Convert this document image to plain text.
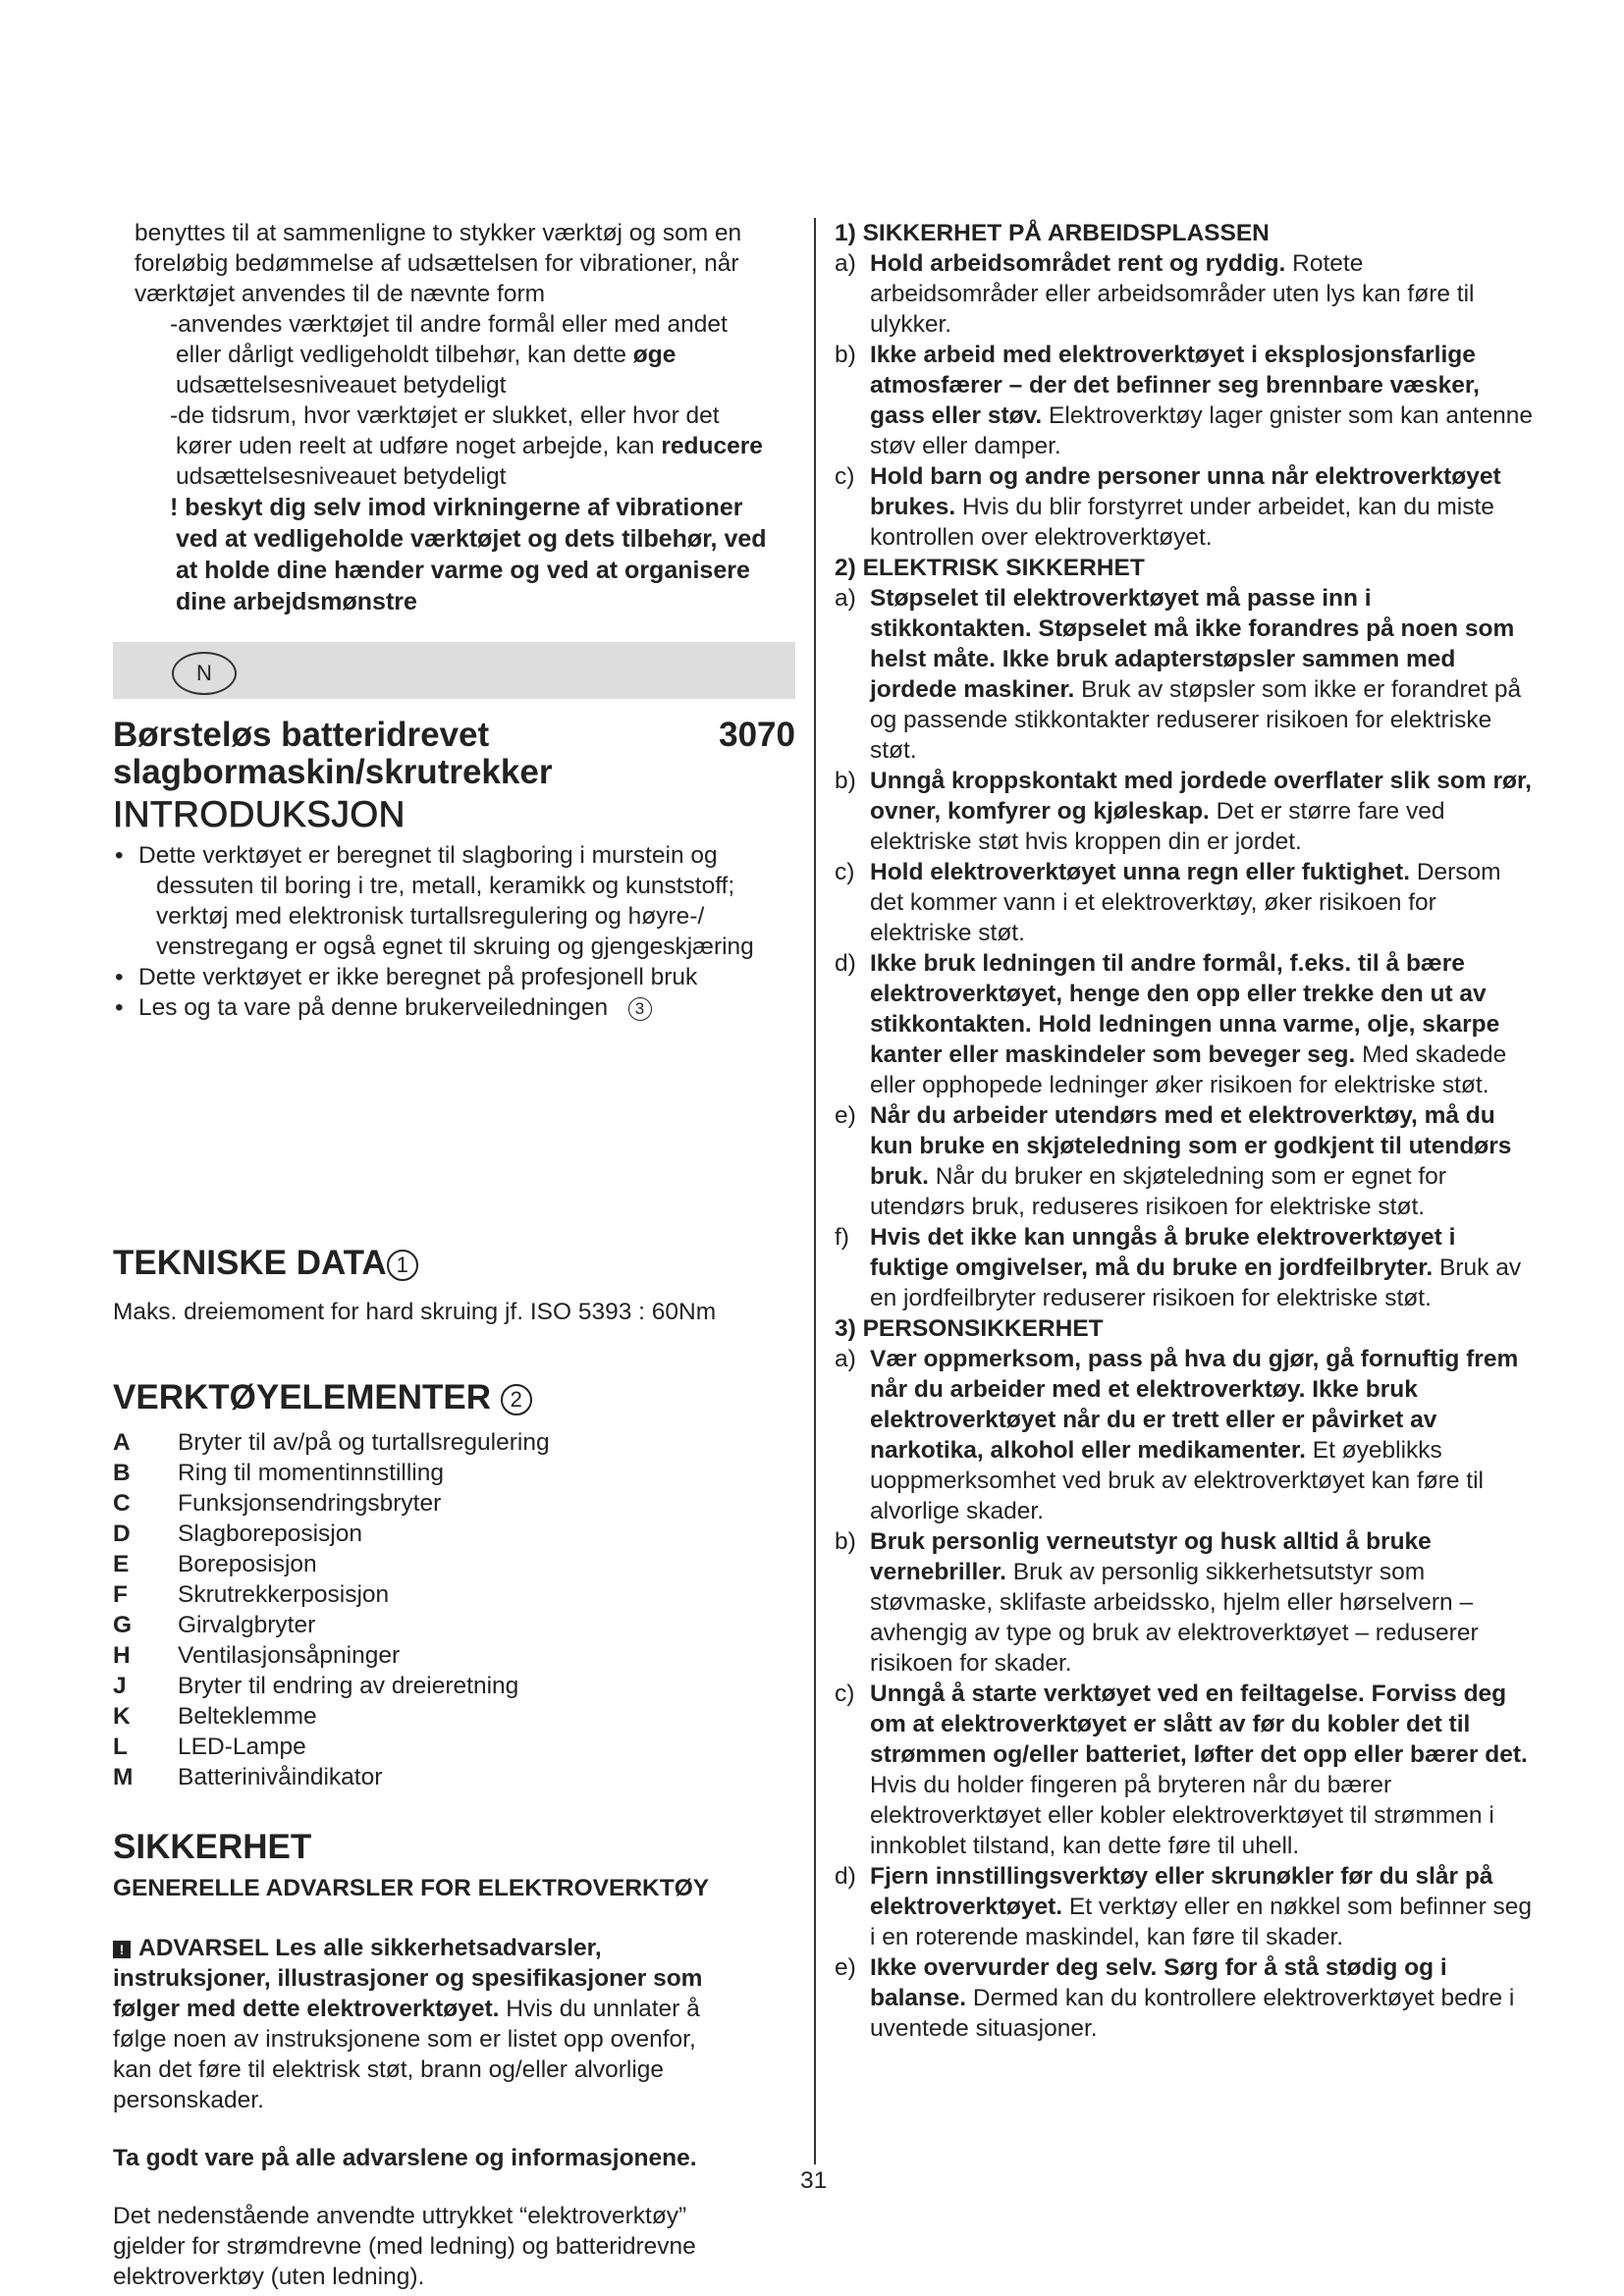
benyttes til at sammenligne to stykker værktøj og som en

foreløbig bedømmelse af udsættelsen for vibrationer, når

værktøjet anvendes til de nævnte form

-anvendes værktøjet til andre formål eller med andet

eller dårligt vedligeholdt tilbehør, kan dette øge

udsættelsesniveauet betydeligt

-de tidsrum, hvor værktøjet er slukket, eller hvor det

kører uden reelt at udføre noget arbejde, kan reducere

udsættelsesniveauet betydeligt

! beskyt dig selv imod virkningerne af vibrationer

ved at vedligeholde værktøjet og dets tilbehør, ved

at holde dine hænder varme og ved at organisere

dine arbejdsmønstre

N

Børsteløs batteridrevet	3070

slagbormaskin/skrutrekker

INTRODUKSJON

• Dette verktøyet er beregnet til slagboring i murstein og

dessuten til boring i tre, metall, keramikk og kunststoff;

verktøj med elektronisk turtallsregulering og høyre-/

venstregang er også egnet til skruing og gjengeskjæring

• Dette verktøyet er ikke beregnet på profesjonell bruk

• Les og ta vare på denne brukerveiledningen 3

TEKNISKE DATA 1

Maks. dreiemoment for hard skruing jf. ISO 5393 : 60Nm

VERKTØYELEMENTER 2

A	Bryter til av/på og turtallsregulering
B	Ring til momentinnstilling
C	Funksjonsendringsbryter
D	Slagboreposisjon
E	Boreposisjon
F	Skrutrekkerposisjon
G	Girvalgbryter
H	Ventilasjonsåpninger
J	Bryter til endring av dreieretning
K	Belteklemme
L	LED-Lampe
M	Batterinivåindikator

SIKKERHET

GENERELLE ADVARSLER FOR ELEKTROVERKTØY

! ADVARSEL Les alle sikkerhetsadvarsler,

instruksjoner, illustrasjoner og spesifikasjoner som

følger med dette elektroverktøyet. Hvis du unnlater å

følge noen av instruksjonene som er listet opp ovenfor,

kan det føre til elektrisk støt, brann og/eller alvorlige

personskader.

Ta godt vare på alle advarslene og informasjonene.

Det nedenstående anvendte uttrykket “elektroverktøy”

gjelder for strømdrevne (med ledning) og batteridrevne

elektroverktøy (uten ledning).

1) SIKKERHET PÅ ARBEIDSPLASSEN

a) Hold arbeidsområdet rent og ryddig. Rotete arbeidsområder eller arbeidsområder uten lys kan føre til ulykker.
b) Ikke arbeid med elektroverktøyet i eksplosjonsfarlige atmosfærer – der det befinner seg brennbare væsker, gass eller støv. Elektroverktøy lager gnister som kan antenne støv eller damper.
c) Hold barn og andre personer unna når elektroverktøyet brukes. Hvis du blir forstyrret under arbeidet, kan du miste kontrollen over elektroverktøyet.

2) ELEKTRISK SIKKERHET

a) Støpselet til elektroverktøyet må passe inn i stikkontakten. Støpselet må ikke forandres på noen som helst måte. Ikke bruk adapterstøpsler sammen med jordede maskiner. Bruk av støpsler som ikke er forandret på og passende stikkontakter reduserer risikoen for elektriske støt.
b) Unngå kroppskontakt med jordede overflater slik som rør, ovner, komfyrer og kjøleskap. Det er større fare ved elektriske støt hvis kroppen din er jordet.
c) Hold elektroverktøyet unna regn eller fuktighet. Dersom det kommer vann i et elektroverktøy, øker risikoen for elektriske støt.
d) Ikke bruk ledningen til andre formål, f.eks. til å bære elektroverktøyet, henge den opp eller trekke den ut av stikkontakten. Hold ledningen unna varme, olje, skarpe kanter eller maskindeler som beveger seg. Med skadede eller opphopede ledninger øker risikoen for elektriske støt.
e) Når du arbeider utendørs med et elektroverktøy, må du kun bruke en skjøteledning som er godkjent til utendørs bruk. Når du bruker en skjøteledning som er egnet for utendørs bruk, reduseres risikoen for elektriske støt.
f) Hvis det ikke kan unngås å bruke elektroverktøyet i fuktige omgivelser, må du bruke en jordfeilbryter. Bruk av en jordfeilbryter reduserer risikoen for elektriske støt.

3) PERSONSIKKERHET

a) Vær oppmerksom, pass på hva du gjør, gå fornuftig frem når du arbeider med et elektroverktøy. Ikke bruk elektroverktøyet når du er trett eller er påvirket av narkotika, alkohol eller medikamenter. Et øyeblikks uoppmerksomhet ved bruk av elektroverktøyet kan føre til alvorlige skader.
b) Bruk personlig verneutstyr og husk alltid å bruke vernebriller. Bruk av personlig sikkerhetsutstyr som støvmaske, sklifaste arbeidssko, hjelm eller hørselvern – avhengig av type og bruk av elektroverktøyet – reduserer risikoen for skader.
c) Unngå å starte verktøyet ved en feiltagelse. Forviss deg om at elektroverktøyet er slått av før du kobler det til strømmen og/eller batteriet, løfter det opp eller bærer det. Hvis du holder fingeren på bryteren når du bærer elektroverktøyet eller kobler elektroverktøyet til strømmen i innkoblet tilstand, kan dette føre til uhell.
d) Fjern innstillingsverktøy eller skrunøkler før du slår på elektroverktøyet. Et verktøy eller en nøkkel som befinner seg i en roterende maskindel, kan føre til skader.
e) Ikke overvurder deg selv. Sørg for å stå stødig og i balanse. Dermed kan du kontrollere elektroverktøyet bedre i uventede situasjoner.
31
